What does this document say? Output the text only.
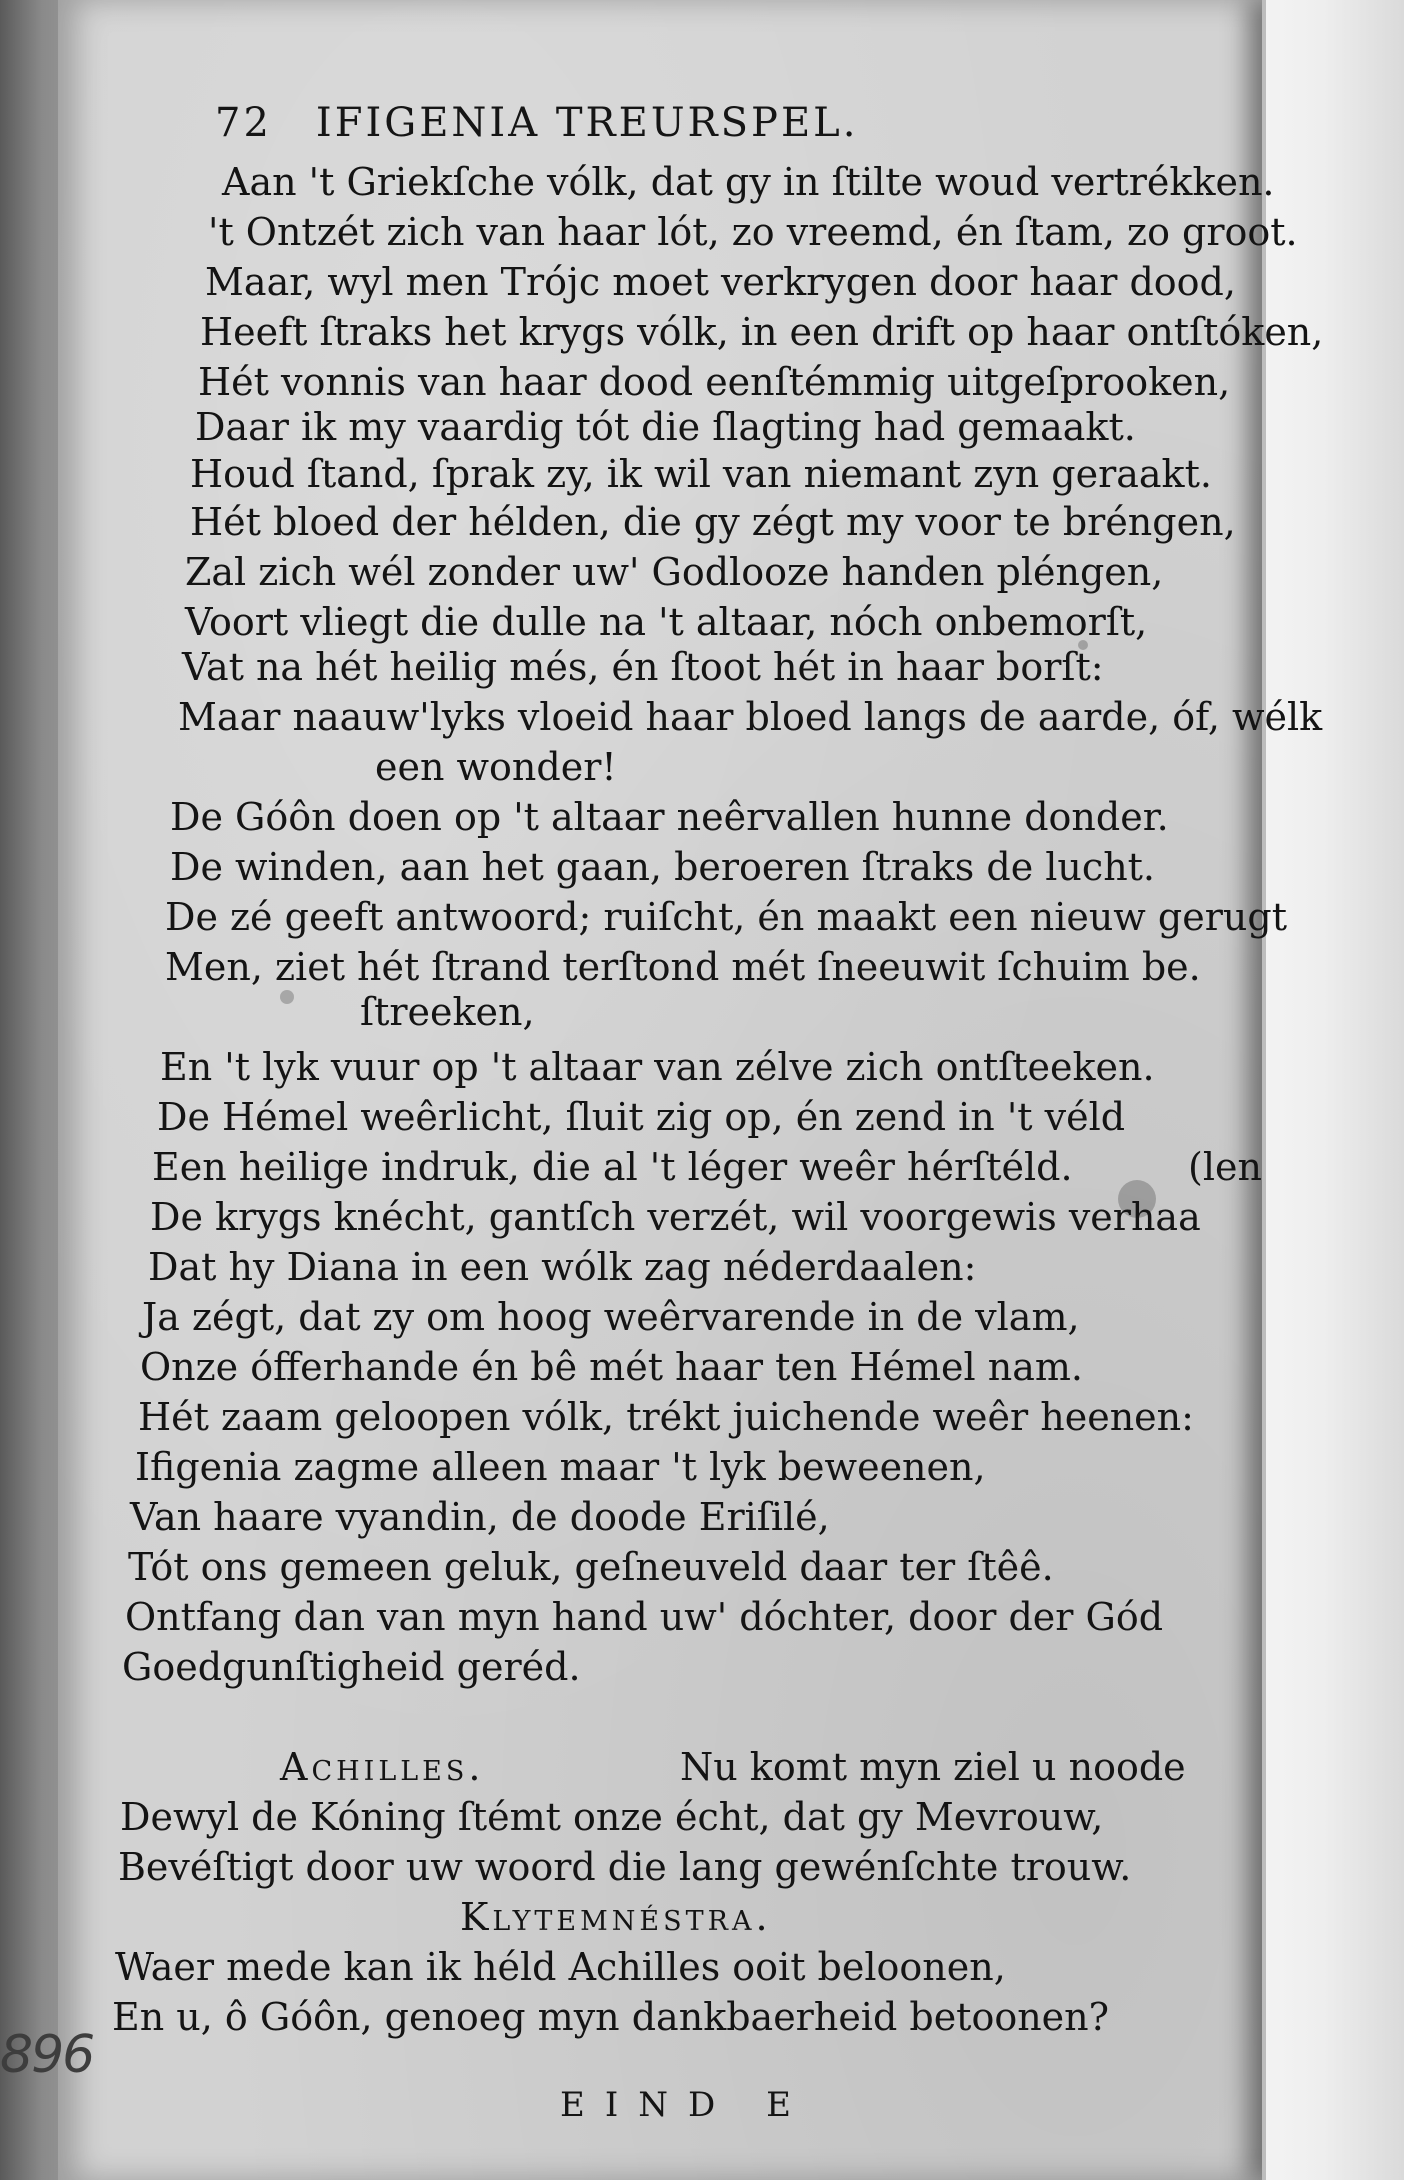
72 IFIGENIA TREURSPEL.
Aan 't Griekſche vólk, dat gy in ſtilte woud vertrékken.
't Ontzét zich van haar lót, zo vreemd, én ſtam, zo groot.
Maar, wyl men Trójc moet verkrygen door haar dood,
Heeft ſtraks het krygs vólk, in een drift op haar ontſtóken,
Hét vonnis van haar dood eenſtémmig uitgeſprooken,
Daar ik my vaardig tót die ſlagting had gemaakt.
Houd ſtand, ſprak zy, ik wil van niemant zyn geraakt.
Hét bloed der hélden, die gy zégt my voor te bréngen,
Zal zich wél zonder uw' Godlooze handen pléngen,
Voort vliegt die dulle na 't altaar, nóch onbemorſt,
Vat na hét heilig més, én ſtoot hét in haar borſt:
Maar naauw'lyks vloeid haar bloed langs de aarde, óf, wélk
een wonder!
De Góôn doen op 't altaar neêrvallen hunne donder.
De winden, aan het gaan, beroeren ſtraks de lucht.
De zé geeft antwoord; ruiſcht, én maakt een nieuw gerugt
Men, ziet hét ſtrand terſtond mét ſneeuwit ſchuim be.
ſtreeken,
En 't lyk vuur op 't altaar van zélve zich ontſteeken.
De Hémel weêrlicht, ſluit zig op, én zend in 't véld
Een heilige indruk, die al 't léger weêr hérſtéld.	(len
De krygs knécht, gantſch verzét, wil voorgewis verhaa
Dat hy Diana in een wólk zag néderdaalen:
Ja zégt, dat zy om hoog weêrvarende in de vlam,
Onze ófferhande én bê mét haar ten Hémel nam.
Hét zaam geloopen vólk, trékt juichende weêr heenen:
Ifigenia zagme alleen maar 't lyk beweenen,
Van haare vyandin, de doode Eriſilé,
Tót ons gemeen geluk, geſneuveld daar ter ſtêê.
Ontfang dan van myn hand uw' dóchter, door der Gód
Goedgunſtigheid geréd.
Achilles.	Nu komt myn ziel u noode
Dewyl de Kóning ſtémt onze écht, dat gy Mevrouw,
Bevéſtigt door uw woord die lang gewénſchte trouw.
Klytemnéstra.
Waer mede kan ik héld Achilles ooit beloonen,
En u, ô Góôn, genoeg myn dankbaerheid betoonen?
896
EIND E
